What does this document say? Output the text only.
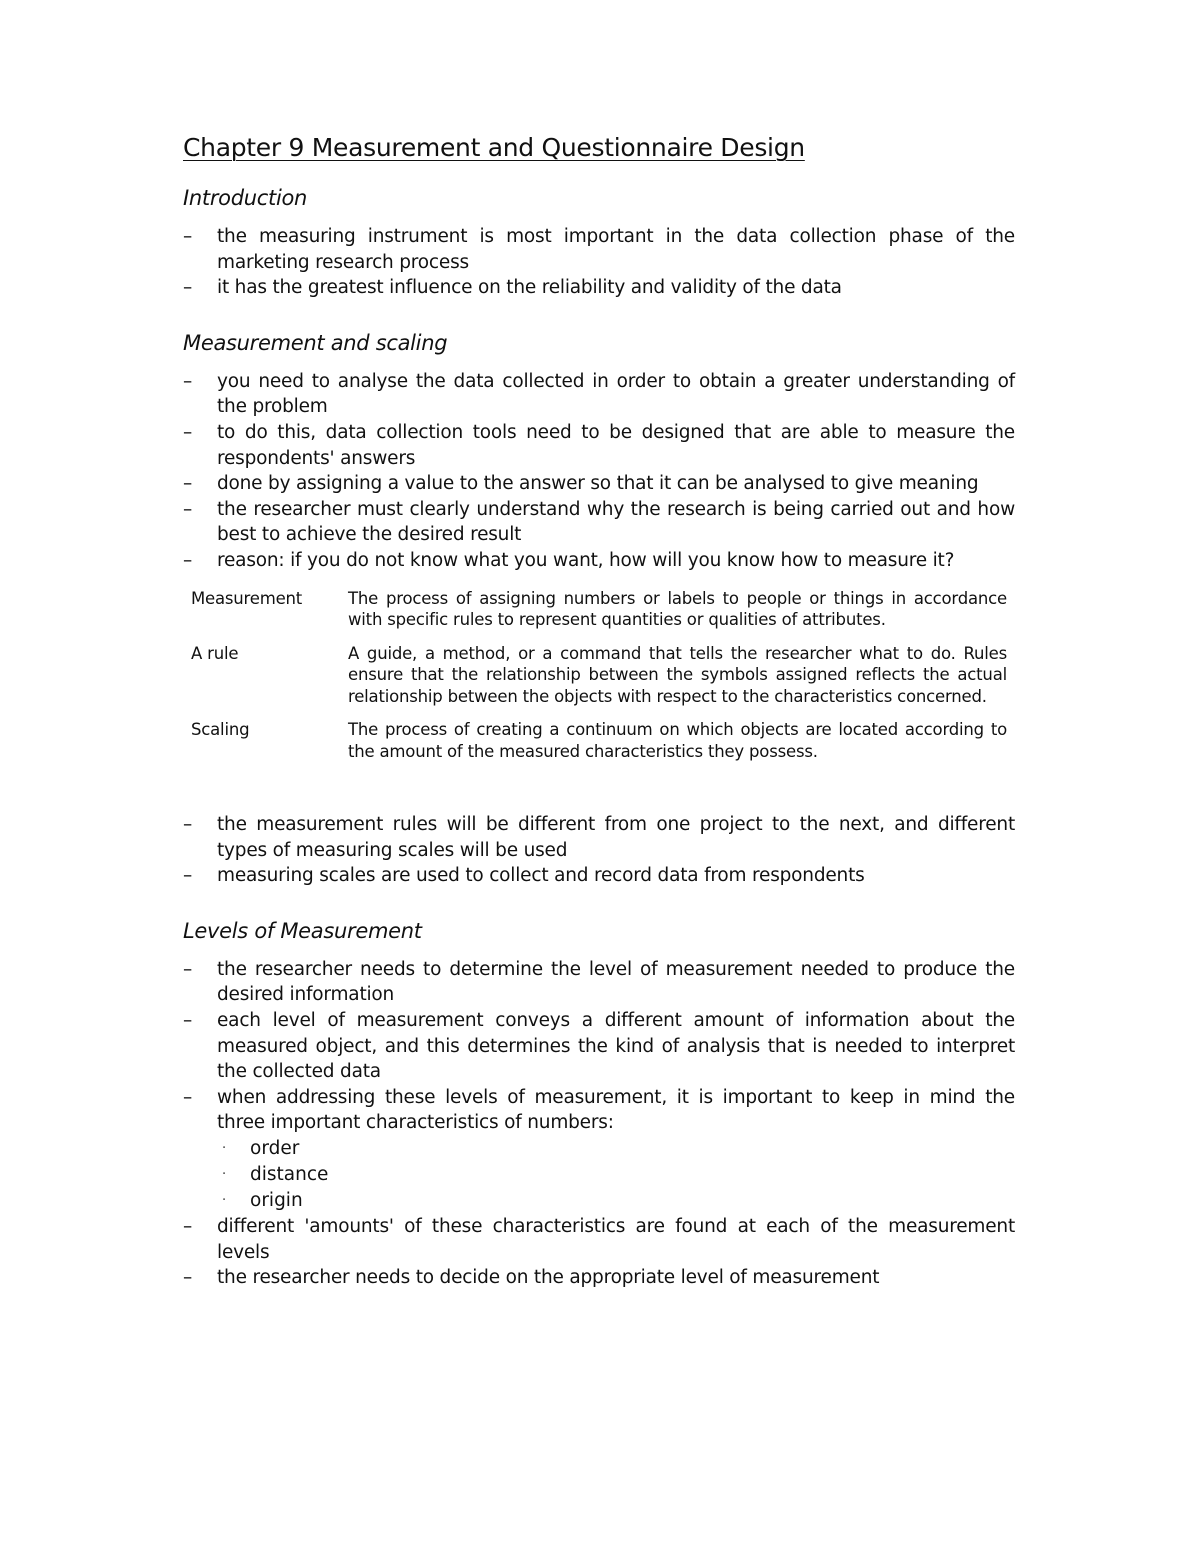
Chapter 9 Measurement and Questionnaire Design
Introduction
– the measuring instrument is most important in the data collection phase of the marketing research process
– it has the greatest influence on the reliability and validity of the data
Measurement and scaling
– you need to analyse the data collected in order to obtain a greater understanding of the problem
– to do this, data collection tools need to be designed that are able to measure the respondents' answers
– done by assigning a value to the answer so that it can be analysed to give meaning
– the researcher must clearly understand why the research is being carried out and how best to achieve the desired result
– reason: if you do not know what you want, how will you know how to measure it?
Measurement	The process of assigning numbers or labels to people or things in accordance with specific rules to represent quantities or qualities of attributes.
A rule	A guide, a method, or a command that tells the researcher what to do. Rules ensure that the relationship between the symbols assigned reflects the actual relationship between the objects with respect to the characteristics concerned.
Scaling	The process of creating a continuum on which objects are located according to the amount of the measured characteristics they possess.
– the measurement rules will be different from one project to the next, and different types of measuring scales will be used
– measuring scales are used to collect and record data from respondents
Levels of Measurement
– the researcher needs to determine the level of measurement needed to produce the desired information
– each level of measurement conveys a different amount of information about the measured object, and this determines the kind of analysis that is needed to interpret the collected data
– when addressing these levels of measurement, it is important to keep in mind the three important characteristics of numbers:
· order
· distance
· origin
– different 'amounts' of these characteristics are found at each of the measurement levels
– the researcher needs to decide on the appropriate level of measurement
